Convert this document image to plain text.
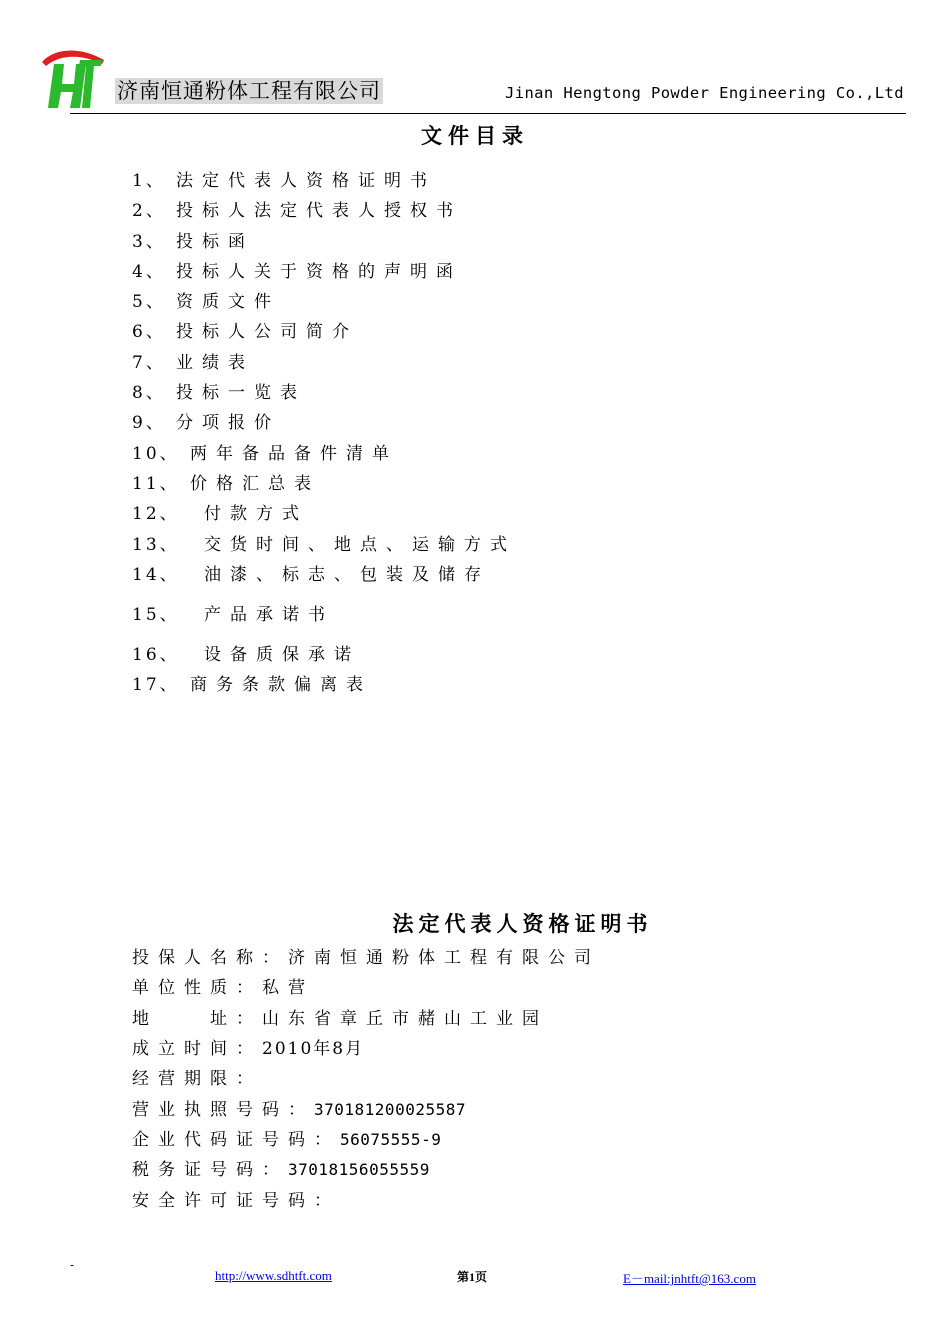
济南恒通粉体工程有限公司	Jinan Hengtong Powder Engineering Co.,Ltd
文件目录
1、 法定代表人资格证明书
2、 投标人法定代表人授权书
3、 投标函
4、 投标人关于资格的声明函
5、 资质文件
6、 投标人公司简介
7、 业绩表
8、 投标一览表
9、 分项报价
10、 两年备品备件清单
11、 价格汇总表
12、 付款方式
13、 交货时间、地点、运输方式
14、 油漆、标志、包装及储存
15、 产品承诺书
16、 设备质保承诺
17、 商务条款偏离表
法定代表人资格证明书
投保人名称：济南恒通粉体工程有限公司
单位性质：私营
地　　址：山东省章丘市赭山工业园
成立时间：2010年8月
经营期限：
营业执照号码：370181200025587
企业代码证号码：56075555-9
税务证号码：37018156055559
安全许可证号码：
-
http://www.sdhtft.com	第1页	E－mail:jnhtft@163.com
